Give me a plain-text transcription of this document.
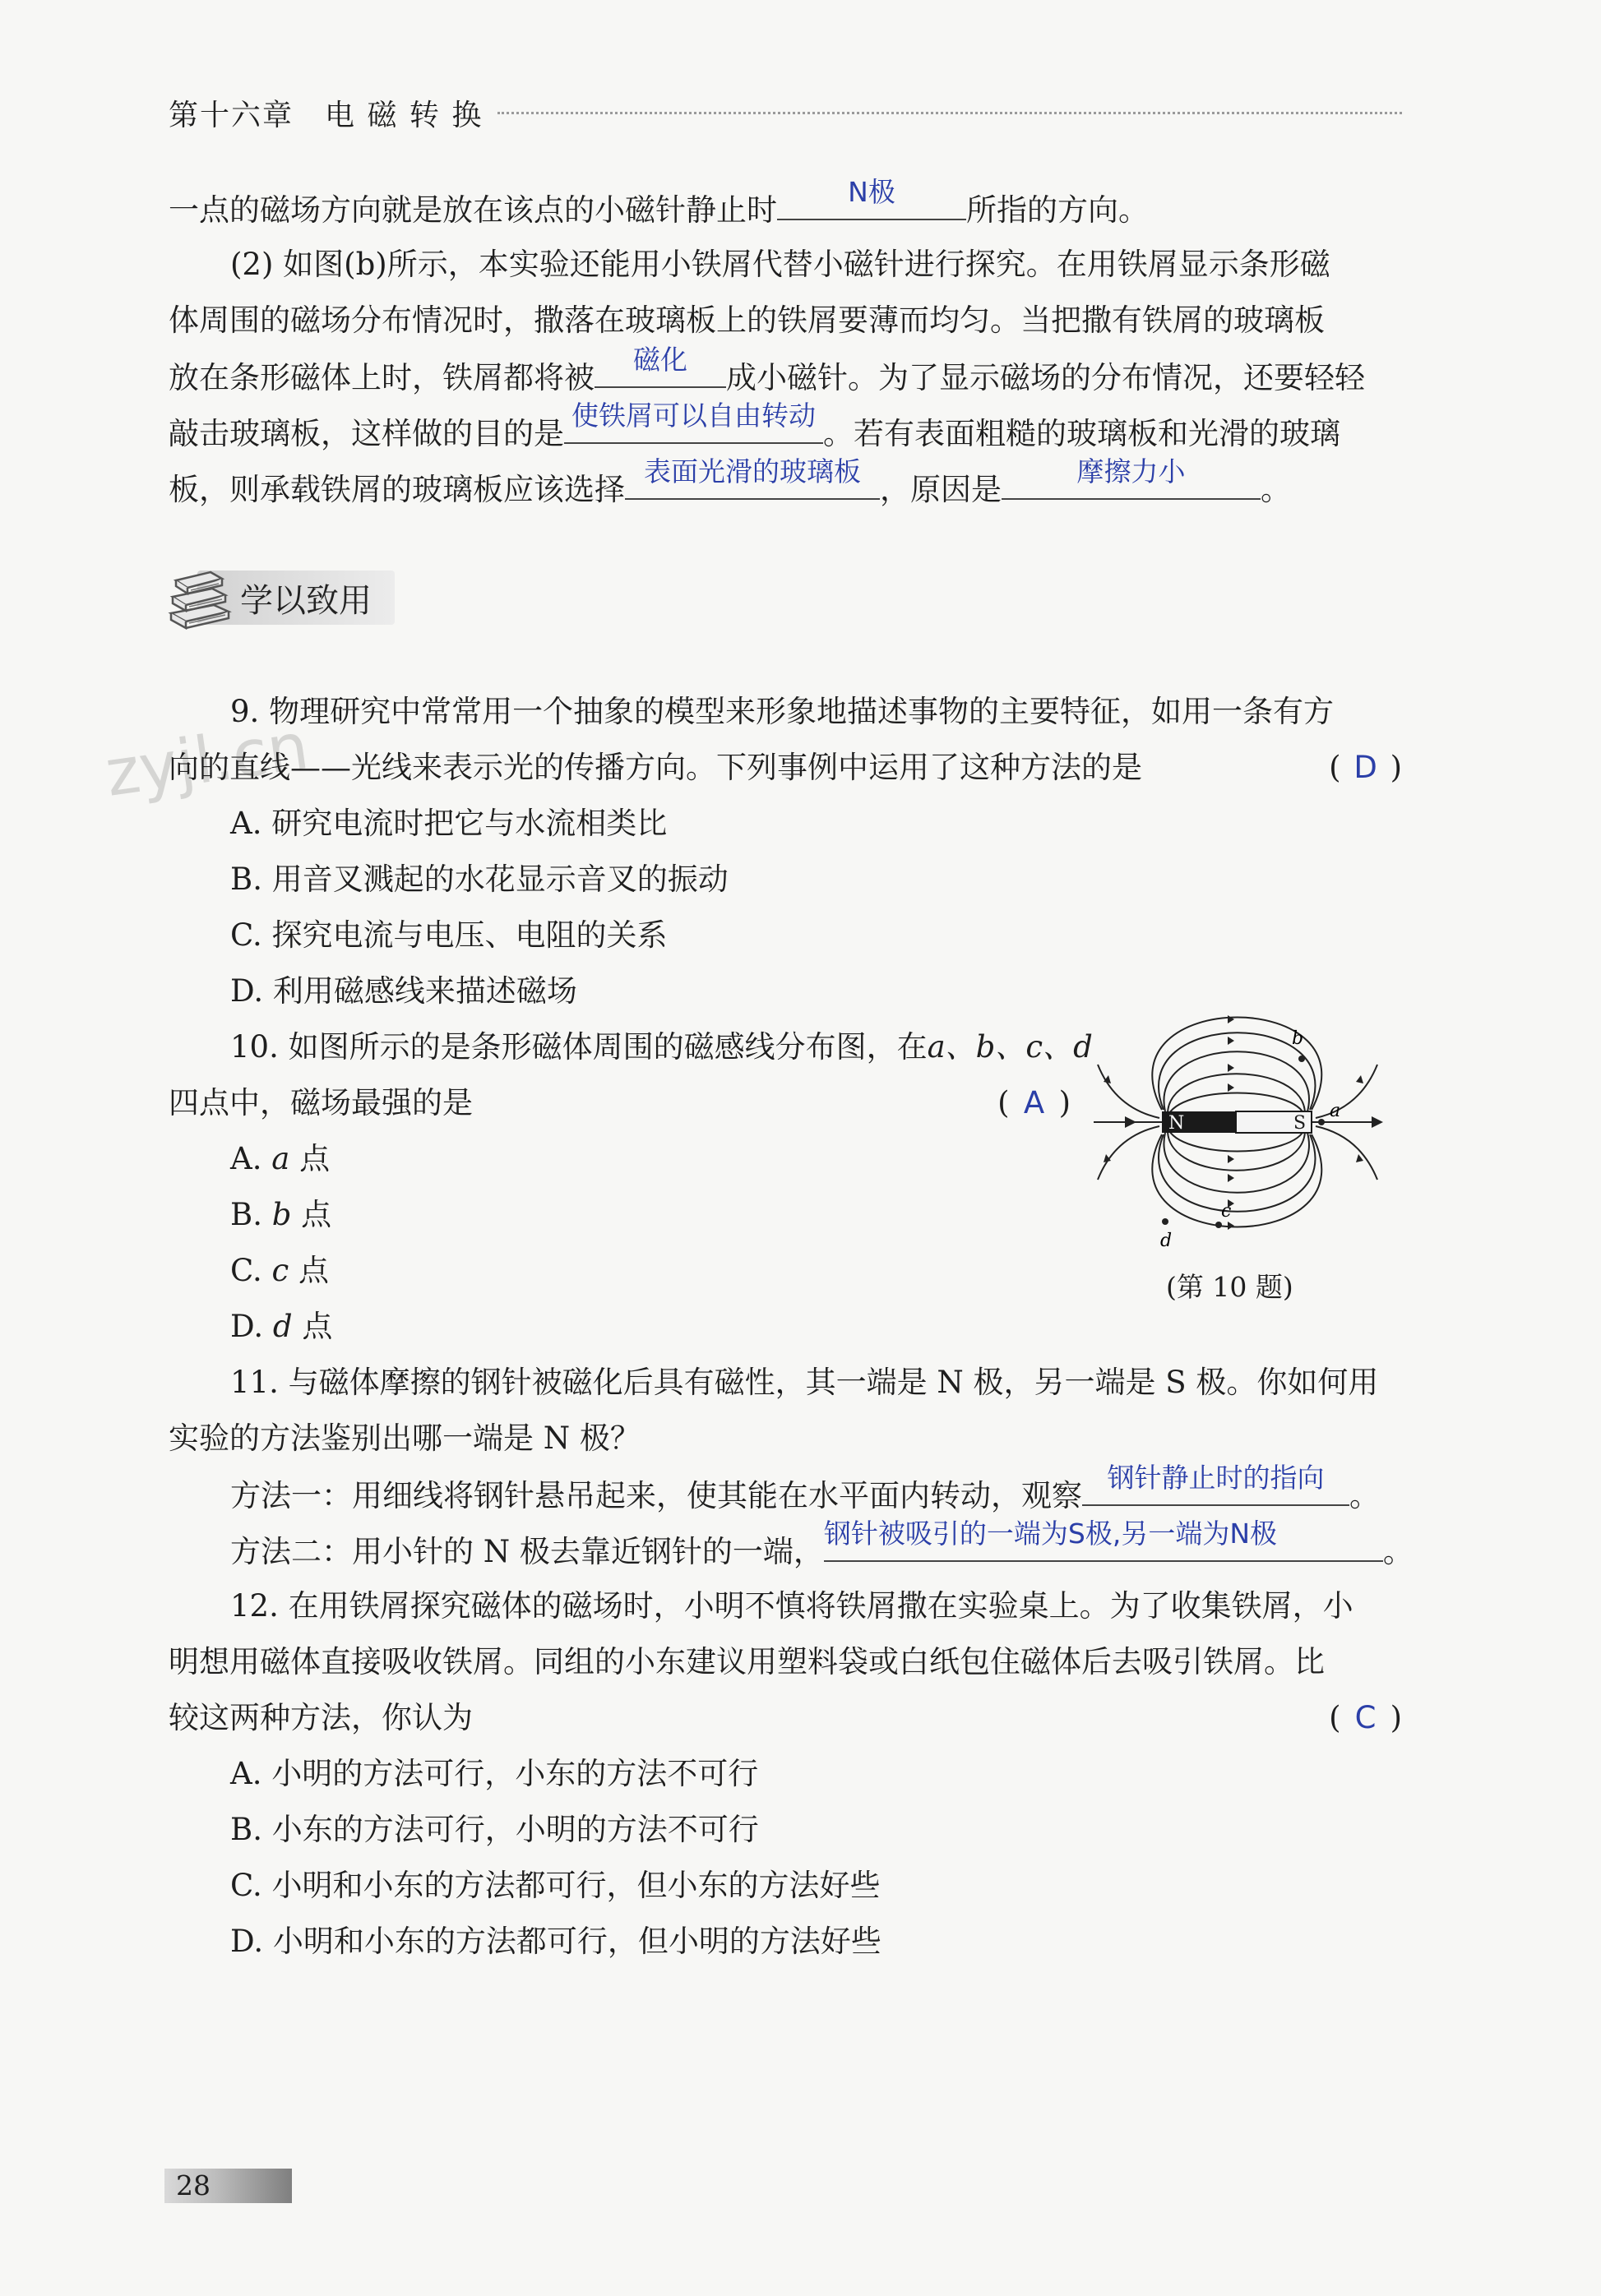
第十六章　电 磁 转 换
一点的磁场方向就是放在该点的小磁针静止时
N极
所指的方向。
(2) 如图(b)所示，本实验还能用小铁屑代替小磁针进行探究。在用铁屑显示条形磁
体周围的磁场分布情况时，撒落在玻璃板上的铁屑要薄而均匀。当把撒有铁屑的玻璃板
放在条形磁体上时，铁屑都将被
磁化
成小磁针。为了显示磁场的分布情况，还要轻轻
敲击玻璃板，这样做的目的是
使铁屑可以自由转动
。若有表面粗糙的玻璃板和光滑的玻璃
板，则承载铁屑的玻璃板应该选择
表面光滑的玻璃板
，原因是
摩擦力小
。
学以致用
zyjl.cn
9. 物理研究中常常用一个抽象的模型来形象地描述事物的主要特征，如用一条有方
向的直线——光线来表示光的传播方向。下列事例中运用了这种方法的是	( D )
A. 研究电流时把它与水流相类比
B. 用音叉溅起的水花显示音叉的振动
C. 探究电流与电压、电阻的关系
D. 利用磁感线来描述磁场
10. 如图所示的是条形磁体周围的磁感线分布图，在a、b、c、d
四点中，磁场最强的是	( A )
A. a 点
B. b 点
C. c 点
D. d 点
N	S
a
b
c
d
(第 10 题)
11. 与磁体摩擦的钢针被磁化后具有磁性，其一端是 N 极，另一端是 S 极。你如何用
实验的方法鉴别出哪一端是 N 极？
方法一：用细线将钢针悬吊起来，使其能在水平面内转动，观察
钢针静止时的指向
。
方法二：用小针的 N 极去靠近钢针的一端，
钢针被吸引的一端为S极,另一端为N极
。
12. 在用铁屑探究磁体的磁场时，小明不慎将铁屑撒在实验桌上。为了收集铁屑，小
明想用磁体直接吸收铁屑。同组的小东建议用塑料袋或白纸包住磁体后去吸引铁屑。比
较这两种方法，你认为	( C )
A. 小明的方法可行，小东的方法不可行
B. 小东的方法可行，小明的方法不可行
C. 小明和小东的方法都可行，但小东的方法好些
D. 小明和小东的方法都可行，但小明的方法好些
28
